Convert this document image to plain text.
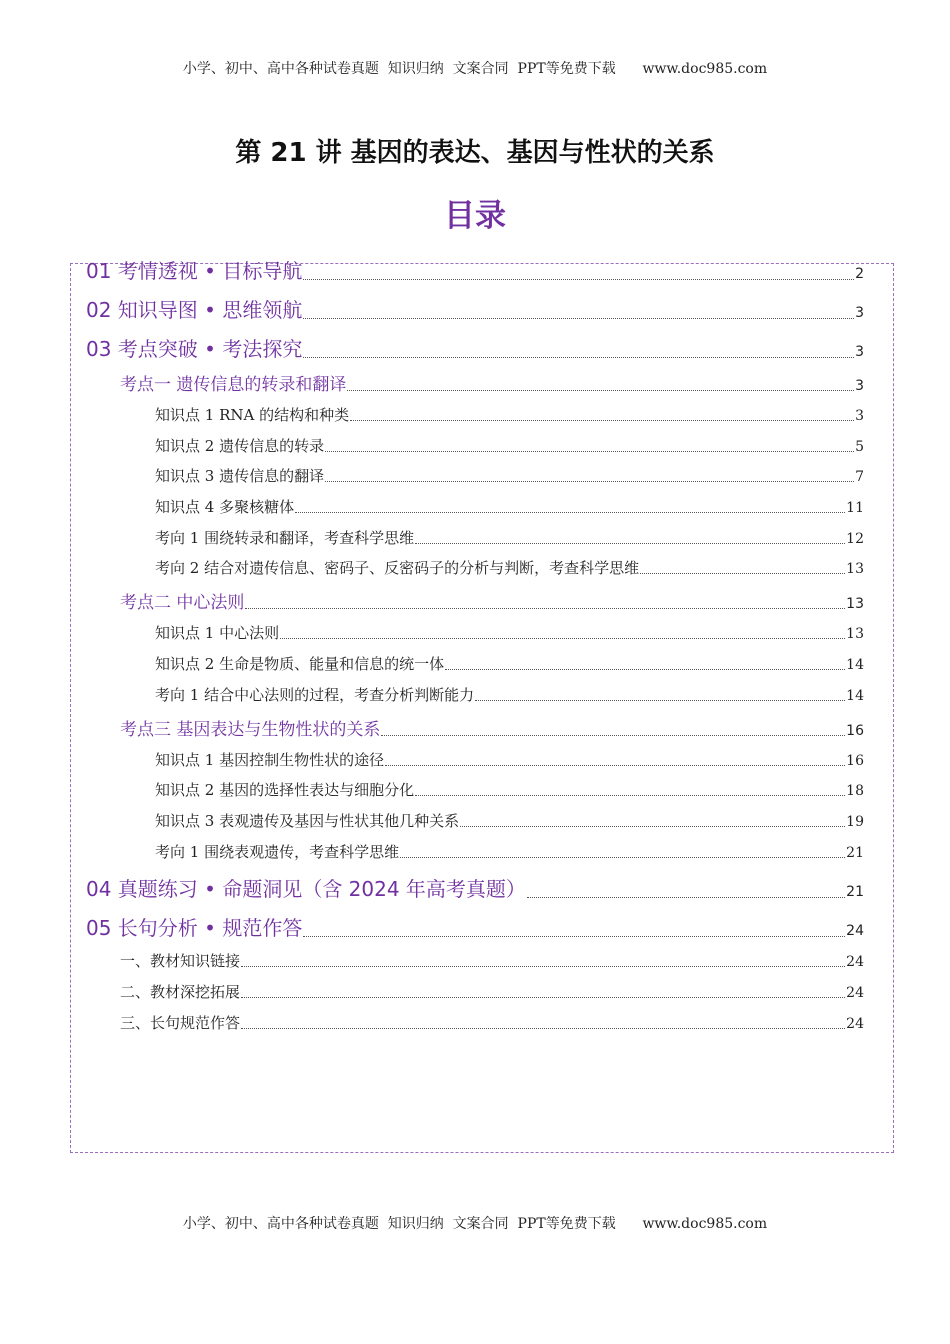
小学、初中、高中各种试卷真题  知识归纳  文案合同  PPT等免费下载      www.doc985.com
第 21 讲 基因的表达、基因与性状的关系
目录
01 考情透视 • 目标导航	2
02 知识导图 • 思维领航	3
03 考点突破 • 考法探究	3
考点一 遗传信息的转录和翻译	3
知识点 1 RNA 的结构和种类	3
知识点 2 遗传信息的转录	5
知识点 3 遗传信息的翻译	7
知识点 4 多聚核糖体	11
考向 1 围绕转录和翻译，考查科学思维	12
考向 2 结合对遗传信息、密码子、反密码子的分析与判断，考查科学思维	13
考点二 中心法则	13
知识点 1 中心法则	13
知识点 2 生命是物质、能量和信息的统一体	14
考向 1 结合中心法则的过程，考查分析判断能力	14
考点三 基因表达与生物性状的关系	16
知识点 1 基因控制生物性状的途径	16
知识点 2 基因的选择性表达与细胞分化	18
知识点 3 表观遗传及基因与性状其他几种关系	19
考向 1 围绕表观遗传，考查科学思维	21
04 真题练习 • 命题洞见（含 2024 年高考真题）	21
05 长句分析 • 规范作答	24
一、教材知识链接	24
二、教材深挖拓展	24
三、长句规范作答	24
小学、初中、高中各种试卷真题  知识归纳  文案合同  PPT等免费下载      www.doc985.com
